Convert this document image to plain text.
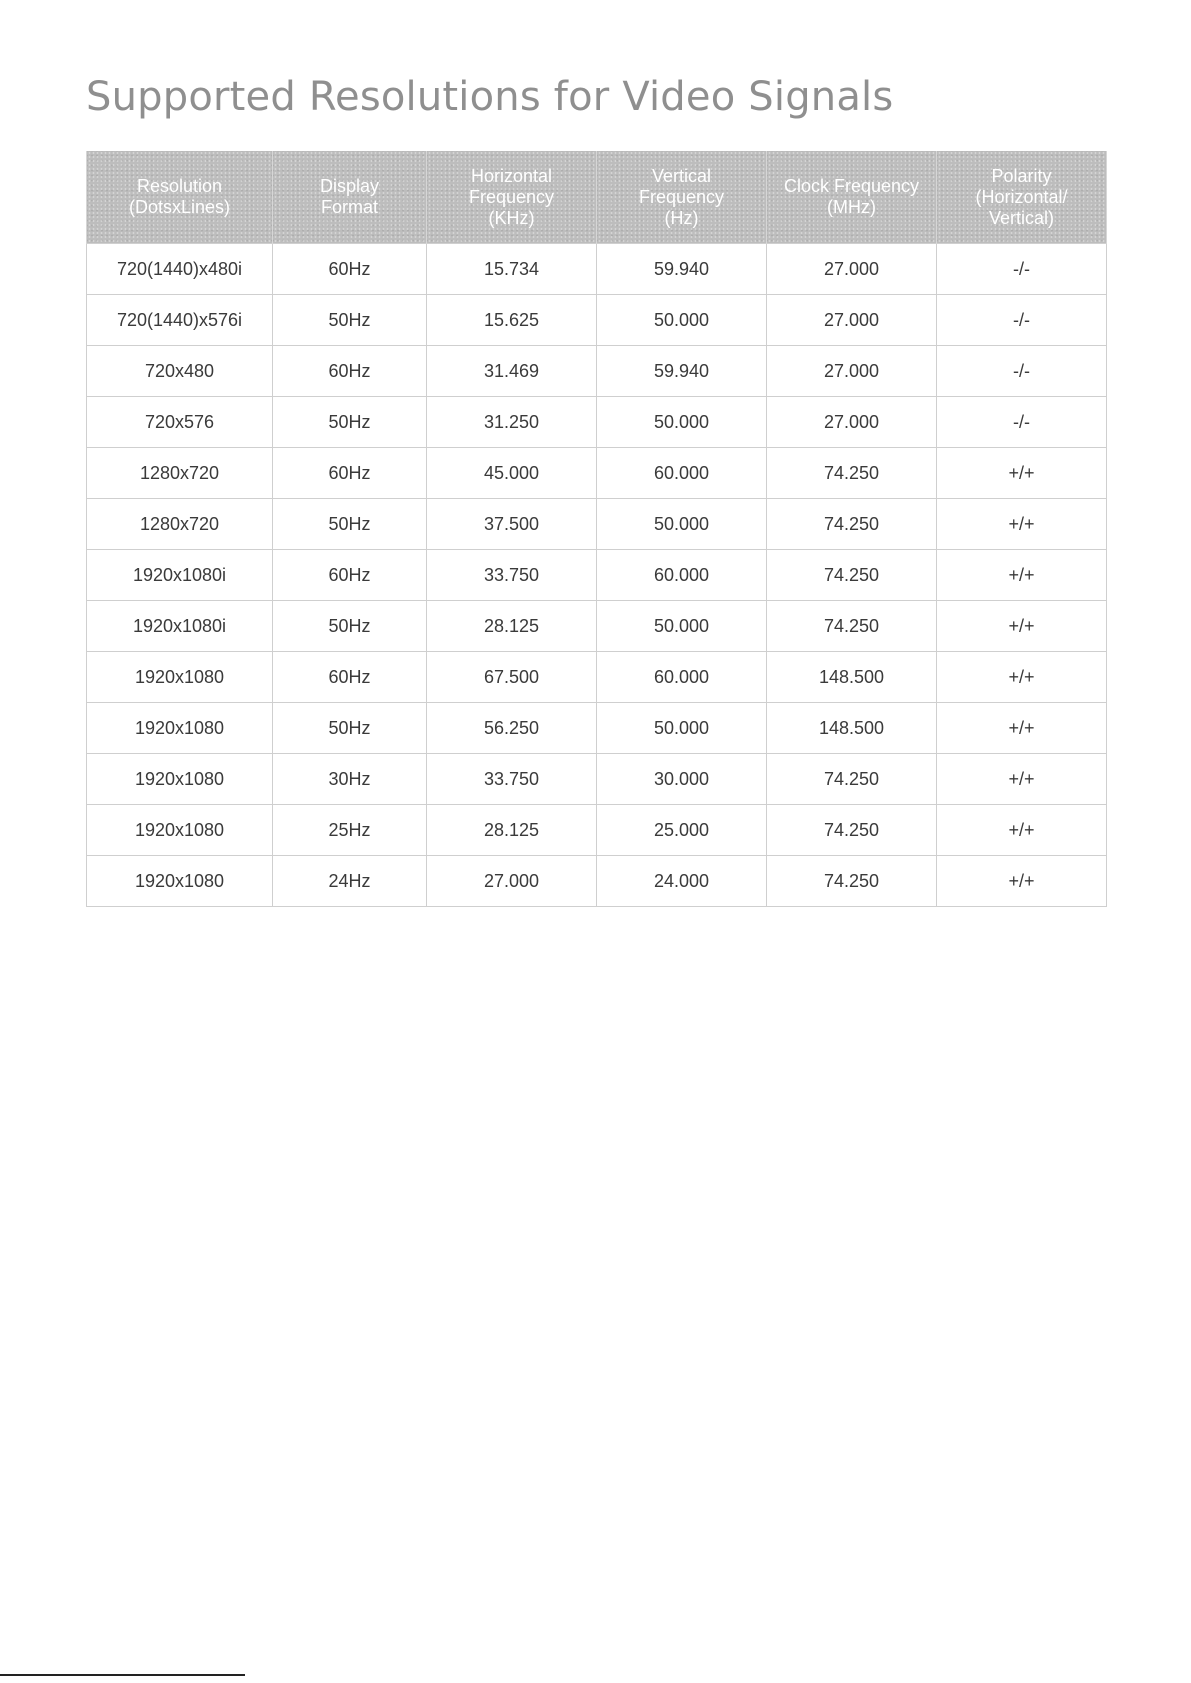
Supported Resolutions for Video Signals
Resolution
(DotsxLines)	Display
Format	Horizontal
Frequency
(KHz)	Vertical
Frequency
(Hz)	Clock Frequency
(MHz)	Polarity
(Horizontal/
Vertical)

720(1440)x480i	60Hz	15.734	59.940	27.000	-/-
720(1440)x576i	50Hz	15.625	50.000	27.000	-/-
720x480	60Hz	31.469	59.940	27.000	-/-
720x576	50Hz	31.250	50.000	27.000	-/-
1280x720	60Hz	45.000	60.000	74.250	+/+
1280x720	50Hz	37.500	50.000	74.250	+/+
1920x1080i	60Hz	33.750	60.000	74.250	+/+
1920x1080i	50Hz	28.125	50.000	74.250	+/+
1920x1080	60Hz	67.500	60.000	148.500	+/+
1920x1080	50Hz	56.250	50.000	148.500	+/+
1920x1080	30Hz	33.750	30.000	74.250	+/+
1920x1080	25Hz	28.125	25.000	74.250	+/+
1920x1080	24Hz	27.000	24.000	74.250	+/+
